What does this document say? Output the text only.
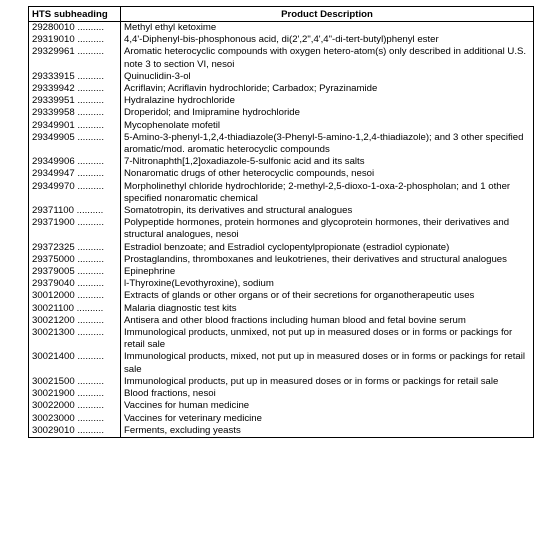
HTS subheading	Product Description
29280010 ..........	Methyl ethyl ketoxime
29319010 ..........	4,4'-Diphenyl-bis-phosphonous acid, di(2',2",4',4"-di-tert-butyl)phenyl ester
29329961 ..........	Aromatic heterocyclic compounds with oxygen hetero-atom(s) only described in additional U.S. note 3 to section VI, nesoi
29333915 ..........	Quinuclidin-3-ol
29339942 ..........	Acriflavin; Acriflavin hydrochloride; Carbadox; Pyrazinamide
29339951 ..........	Hydralazine hydrochloride
29339958 ..........	Droperidol; and Imipramine hydrochloride
29349901 ..........	Mycophenolate mofetil
29349905 ..........	5-Amino-3-phenyl-1,2,4-thiadiazole(3-Phenyl-5-amino-1,2,4-thiadiazole); and 3 other specified aromatic/mod. aromatic heterocyclic compounds
29349906 ..........	7-Nitronaphth[1,2]oxadiazole-5-sulfonic acid and its salts
29349947 ..........	Nonaromatic drugs of other heterocyclic compounds, nesoi
29349970 ..........	Morpholinethyl chloride hydrochloride; 2-methyl-2,5-dioxo-1-oxa-2-phospholan; and 1 other specified nonaromatic chemical
29371100 ..........	Somatotropin, its derivatives and structural analogues
29371900 ..........	Polypeptide hormones, protein hormones and glycoprotein hormones, their derivatives and structural analogues, nesoi
29372325 ..........	Estradiol benzoate; and Estradiol cyclopentylpropionate (estradiol cypionate)
29375000 ..........	Prostaglandins, thromboxanes and leukotrienes, their derivatives and structural analogues
29379005 ..........	Epinephrine
29379040 ..........	l-Thyroxine(Levothyroxine), sodium
30012000 ..........	Extracts of glands or other organs or of their secretions for organotherapeutic uses
30021100 ..........	Malaria diagnostic test kits
30021200 ..........	Antisera and other blood fractions including human blood and fetal bovine serum
30021300 ..........	Immunological products, unmixed, not put up in measured doses or in forms or packings for retail sale
30021400 ..........	Immunological products, mixed, not put up in measured doses or in forms or packings for retail sale
30021500 ..........	Immunological products, put up in measured doses or in forms or packings for retail sale
30021900 ..........	Blood fractions, nesoi
30022000 ..........	Vaccines for human medicine
30023000 ..........	Vaccines for veterinary medicine
30029010 ..........	Ferments, excluding yeasts
